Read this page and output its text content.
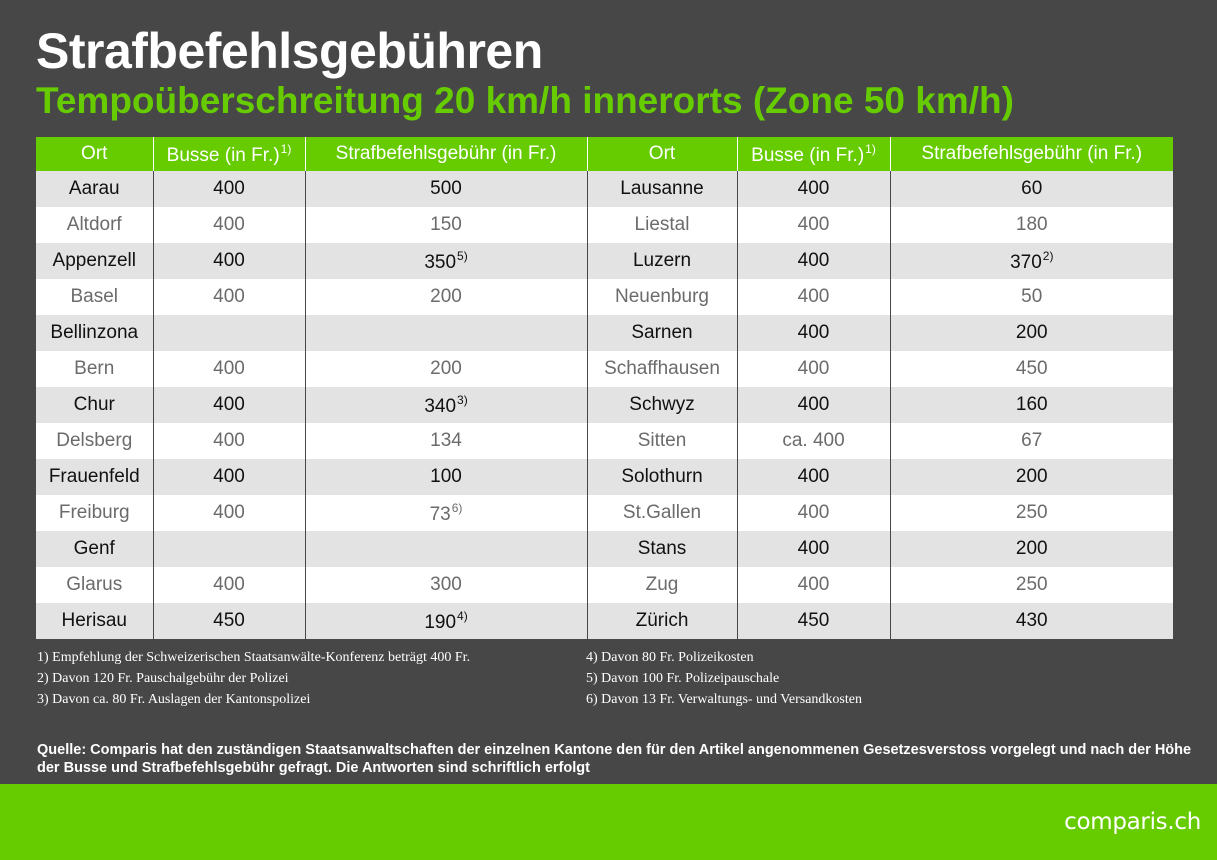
Strafbefehlsgebühren
Tempoüberschreitung 20 km/h innerorts (Zone 50 km/h)
Ort	Busse (in Fr.)$^{1)}$	Strafbefehlsgebühr (in Fr.)	Ort	Busse (in Fr.)$^{1)}$	Strafbefehlsgebühr (in Fr.)
Aarau	400	500	Lausanne	400	60
Altdorf	400	150	Liestal	400	180
Appenzell	400	350$^{5)}$	Luzern	400	370$^{2)}$
Basel	400	200	Neuenburg	400	50
Bellinzona			Sarnen	400	200
Bern	400	200	Schaffhausen	400	450
Chur	400	340$^{3)}$	Schwyz	400	160
Delsberg	400	134	Sitten	ca. 400	67
Frauenfeld	400	100	Solothurn	400	200
Freiburg	400	73$^{6)}$	St.Gallen	400	250
Genf			Stans	400	200
Glarus	400	300	Zug	400	250
Herisau	450	190$^{4)}$	Zürich	450	430
1) Empfehlung der Schweizerischen Staatsanwälte-Konferenz beträgt 400 Fr.
2) Davon 120 Fr. Pauschalgebühr der Polizei
3) Davon ca. 80 Fr. Auslagen der Kantonspolizei
4) Davon 80 Fr. Polizeikosten
5) Davon 100 Fr. Polizeipauschale
6) Davon 13 Fr. Verwaltungs- und Versandkosten
Quelle: Comparis hat den zuständigen Staatsanwaltschaften der einzelnen Kantone den für den Artikel angenommenen Gesetzesverstoss vorgelegt und nach der Höhe der Busse und Strafbefehlsgebühr gefragt. Die Antworten sind schriftlich erfolgt
comparis.ch
